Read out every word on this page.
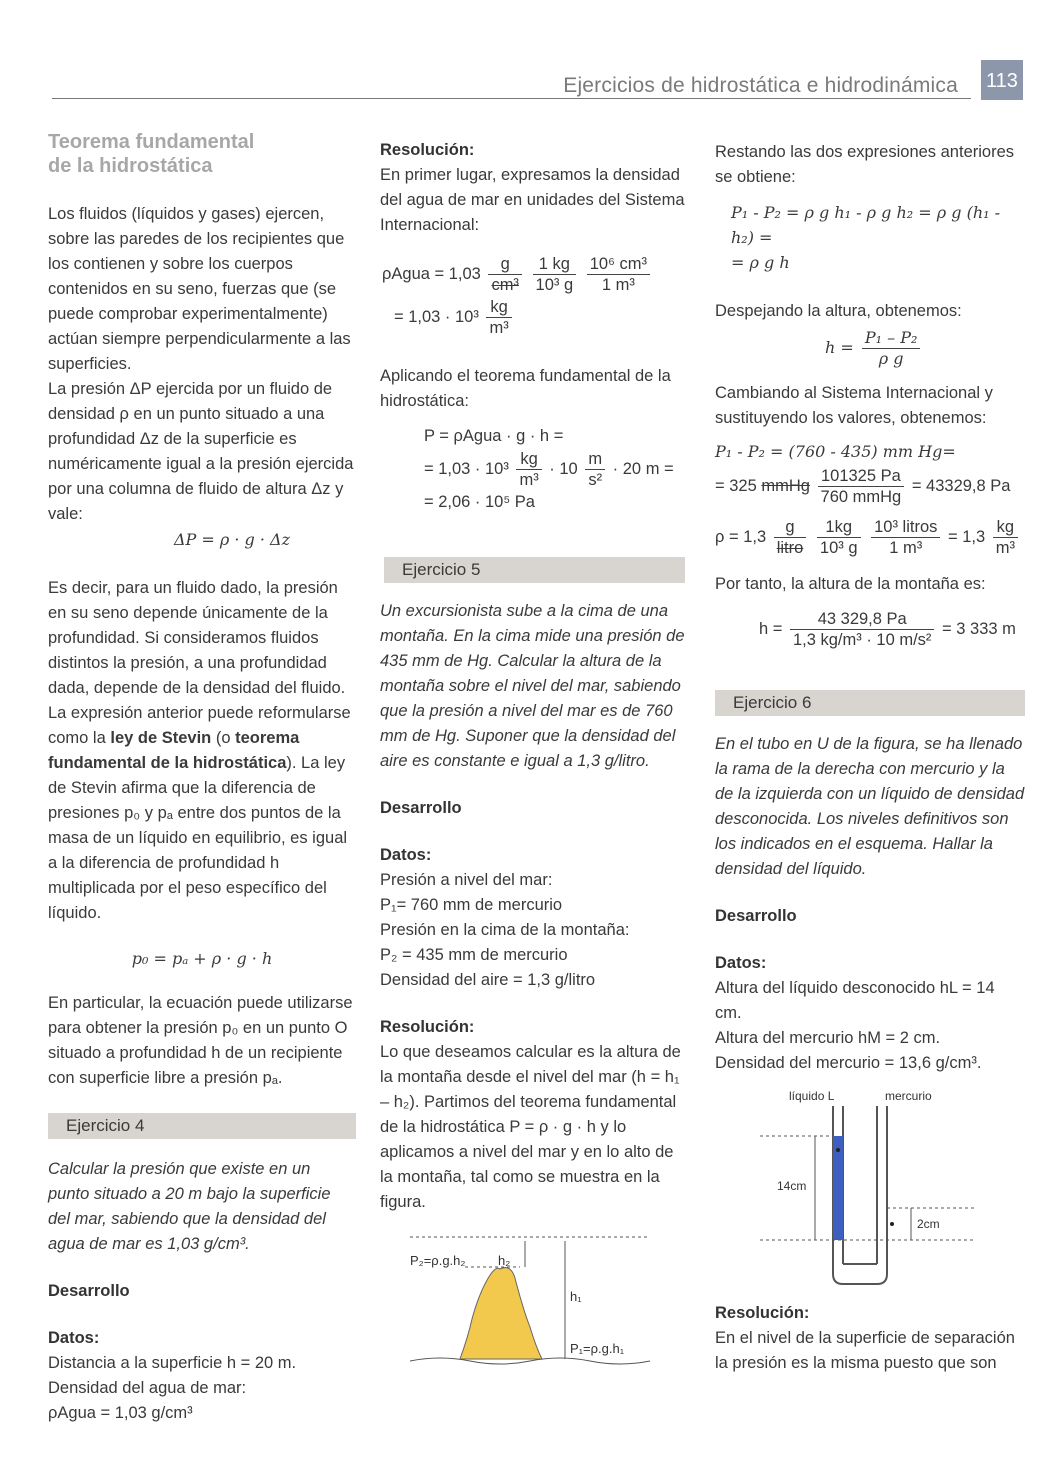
Ejercicios de hidrostática e hidrodinámica 113
Teorema fundamental
de la hidrostática

Los fluidos (líquidos y gases) ejercen, sobre las paredes de los recipientes que los contienen y sobre los cuerpos contenidos en su seno, fuerzas que (se puede comprobar experimentalmente) actúan siempre perpendicularmente a las superficies.

La presión ΔP ejercida por un fluido de densidad ρ en un punto situado a una profundidad Δz de la superficie es numéricamente igual a la presión ejercida por una columna de fluido de altura Δz y vale:

ΔP = ρ · g · Δz

Es decir, para un fluido dado, la presión en su seno depende únicamente de la profundidad. Si consideramos fluidos distintos la presión, a una profundidad dada, depende de la densidad del fluido.

La expresión anterior puede reformularse como la ley de Stevin (o teorema fundamental de la hidrostática). La ley de Stevin afirma que la diferencia de presiones p₀ y pₐ entre dos puntos de la masa de un líquido en equilibrio, es igual a la diferencia de profundidad h multiplicada por el peso específico del líquido.

p₀ = pₐ + ρ · g · h

En particular, la ecuación puede utilizarse para obtener la presión p₀ en un punto O situado a profundidad h de un recipiente con superficie libre a presión pₐ.

Ejercicio 4

Calcular la presión que existe en un punto situado a 20 m bajo la superficie del mar, sabiendo que la densidad del agua de mar es 1,03 g/cm³.

Desarrollo

Datos:

Distancia a la superficie h = 20 m.

Densidad del agua de mar:

ρAgua = 1,03 g/cm³

Resolución:

En primer lugar, expresamos la densidad del agua de mar en unidades del Sistema Internacional:

ρAgua = $1,03 \frac{g}{\text{cm³}}$
$\frac{1 kg}{\text{10³ g}}$
$\frac{\text{10⁶ cm³}}{\text{1 m³}}$
= $1,03 \cdot 10^3 \frac{kg}{\text{m³}}$

Aplicando el teorema fundamental de la hidrostática:

P = ρAgua · g · h =

= $1,03 \cdot 10^3 \frac{kg}{\text{m³}} \cdot 10 \frac{m}{\text{s²}} \cdot 20$ m =

= 2,06 · 10⁵ Pa

Ejercicio 5

Un excursionista sube a la cima de una montaña. En la cima mide una presión de 435 mm de Hg. Calcular la altura de la montaña sobre el nivel del mar, sabiendo que la presión a nivel del mar es de 760 mm de Hg. Suponer que la densidad del aire es constante e igual a 1,3 g/litro.

Desarrollo

Datos:

Presión a nivel del mar:

P₁= 760 mm de mercurio

Presión en la cima de la montaña:

P₂ = 435 mm de mercurio

Densidad del aire = 1,3 g/litro

Resolución:

Lo que deseamos calcular es la altura de la montaña desde el nivel del mar (h = h₁ – h₂). Partimos del teorema fundamental de la hidrostática P = ρ · g · h y lo aplicamos a nivel del mar y en lo alto de la montaña, tal como se muestra en la figura.

P₂=ρ.g.h₂	h₂
h₁
P₁=ρ.g.h₁

Restando las dos expresiones anteriores se obtiene:

P₁ - P₂ = ρ g h₁ - ρ g h₂ = ρ g (h₁ - h₂) =

= ρ g h

Despejando la altura, obtenemos:

$h = \frac{\text{P₁ – P₂}}{\text{ρ g}}$

Cambiando al Sistema Internacional y sustituyendo los valores, obtenemos:

P₁ - P₂ = (760 - 435) mm Hg=

= 325 mmHg $\frac{101325 Pa}{\text{760 mmHg}} = 43329,8$ Pa
$\rho = 1,3 \frac{g}{\text{litro}}$
$\frac{1kg}{\text{10³ g}}$
$\frac{\text{10³ litros}}{\text{1 m³}} = 1,3 \frac{kg}{\text{m³}}$

Por tanto, la altura de la montaña es:

$h = \frac{43 329,8 Pa}{\text{1,3 kg/m³ · 10 m/s²}} = 3$ 333 m
Ejercicio 6

En el tubo en U de la figura, se ha llenado la rama de la derecha con mercurio y la de la izquierda con un líquido de densidad desconocida. Los niveles definitivos son los indicados en el esquema. Hallar la densidad del líquido.

Desarrollo

Datos:

Altura del líquido desconocido hL = 14 cm.

Altura del mercurio hM = 2 cm.

Densidad del mercurio = 13,6 g/cm³.

líquido L	mercurio
14cm
2cm

Resolución:

En el nivel de la superficie de separación la presión es la misma puesto que son
